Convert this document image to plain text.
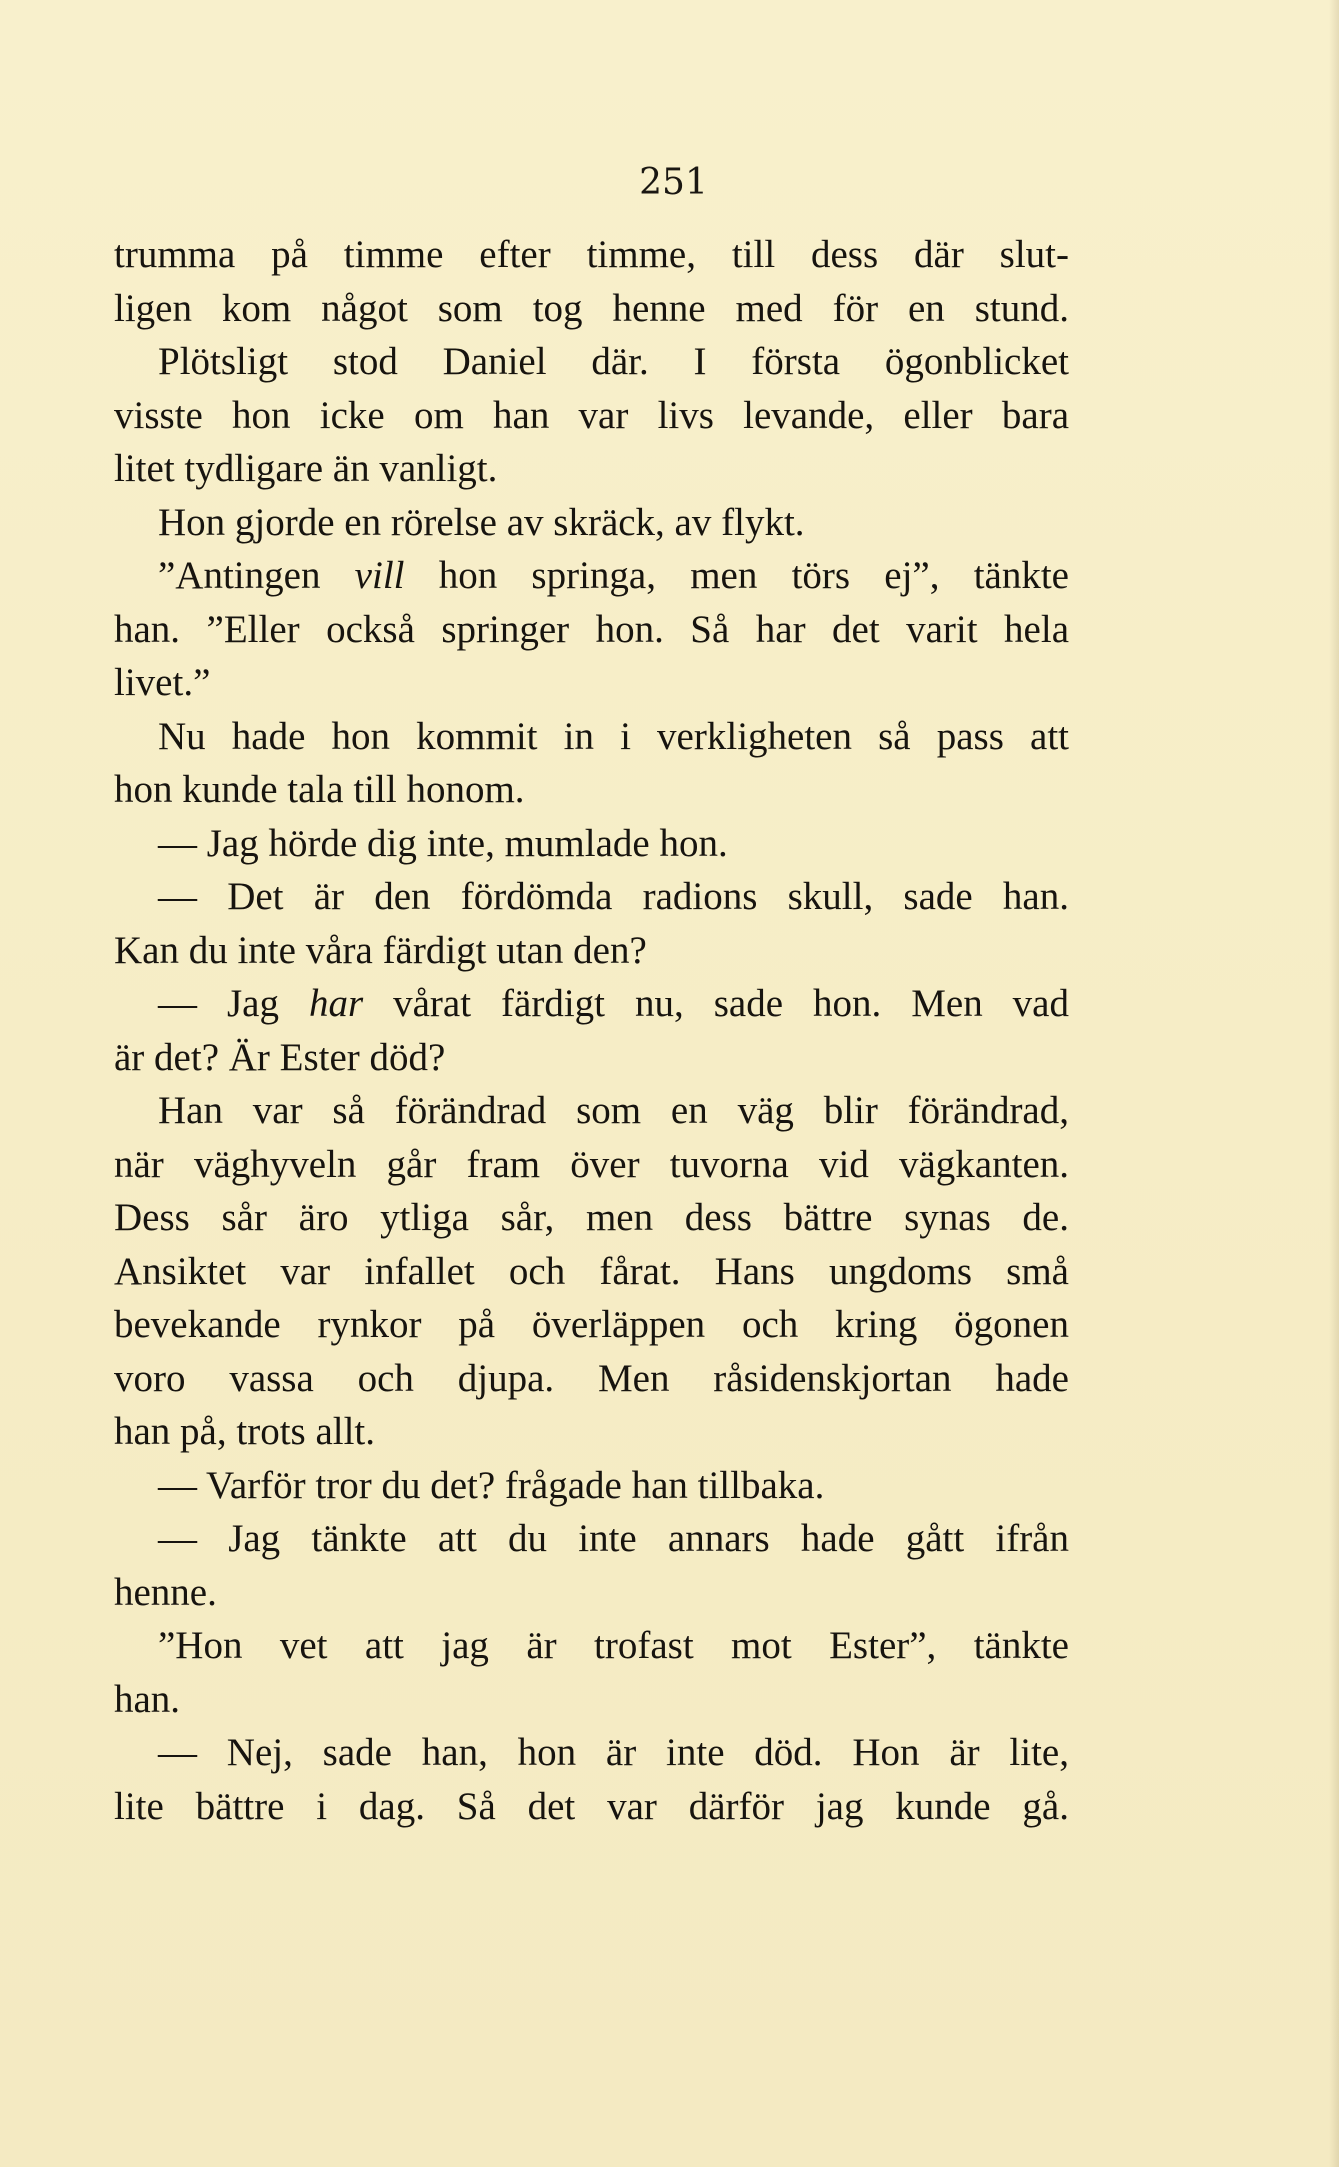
251
trumma på timme efter timme, till dess där slut-
ligen kom något som tog henne med för en stund.
Plötsligt stod Daniel där. I första ögonblicket
visste hon icke om han var livs levande, eller bara
litet tydligare än vanligt.
Hon gjorde en rörelse av skräck, av flykt.
”Antingen vill hon springa, men törs ej”, tänkte
han. ”Eller också springer hon. Så har det varit hela
livet.”
Nu hade hon kommit in i verkligheten så pass att
hon kunde tala till honom.
— Jag hörde dig inte, mumlade hon.
— Det är den fördömda radions skull, sade han.
Kan du inte våra färdigt utan den?
— Jag har vårat färdigt nu, sade hon. Men vad
är det? Är Ester död?
Han var så förändrad som en väg blir förändrad,
när väghyveln går fram över tuvorna vid vägkanten.
Dess sår äro ytliga sår, men dess bättre synas de.
Ansiktet var infallet och fårat. Hans ungdoms små
bevekande rynkor på överläppen och kring ögonen
voro vassa och djupa. Men råsidenskjortan hade
han på, trots allt.
— Varför tror du det? frågade han tillbaka.
— Jag tänkte att du inte annars hade gått ifrån
henne.
”Hon vet att jag är trofast mot Ester”, tänkte
han.
— Nej, sade han, hon är inte död. Hon är lite,
lite bättre i dag. Så det var därför jag kunde gå.
